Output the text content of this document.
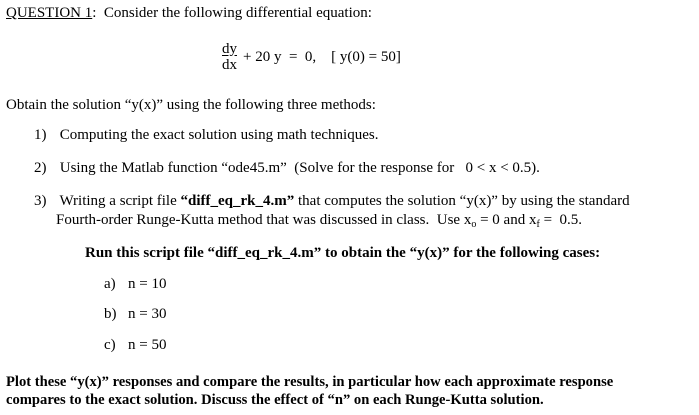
QUESTION 1: Consider the following differential equation:
$\frac{dy}{dx} + 20$ y  =  0,    [ y(0) = 50]
Obtain the solution “y(x)” using the following three methods:
1) Computing the exact solution using math techniques.
2) Using the Matlab function “ode45.m”  (Solve for the response for   0 < x < 0.5).
3) Writing a script file “diff_eq_rk_4.m” that computes the solution “y(x)” by using the standard
Fourth-order Runge-Kutta method that was discussed in class.  Use $x_o = 0$ and $x_f = 0.5$.
Run this script file “diff_eq_rk_4.m” to obtain the “y(x)” for the following cases:
a) n = 10
b) n = 30
c) n = 50
Plot these “y(x)” responses and compare the results, in particular how each approximate response
compares to the exact solution. Discuss the effect of “n” on each Runge-Kutta solution.
